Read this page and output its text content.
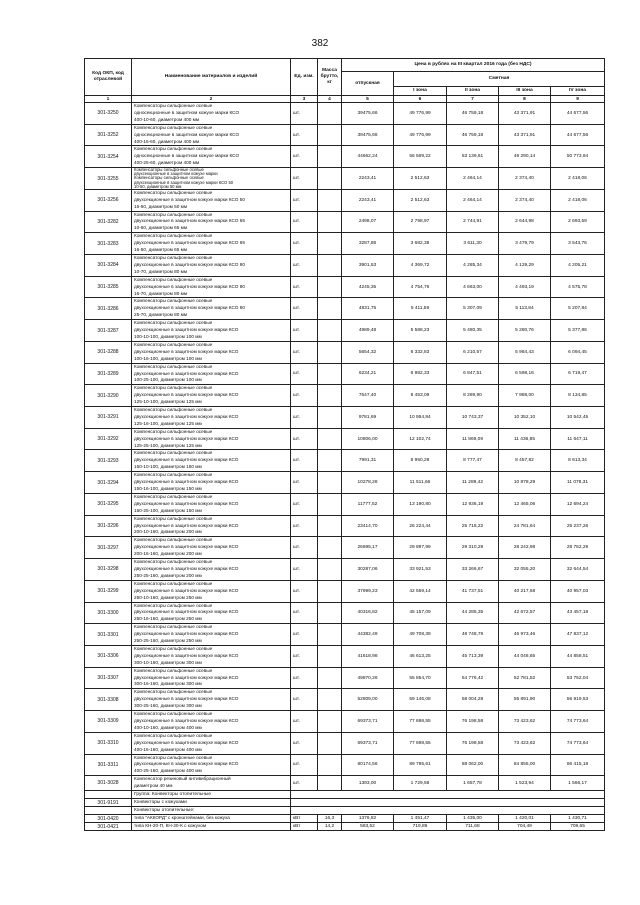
382
Код ОКП, код отраслевой	Наименование материалов и изделий	Ед. изм.	Масса брутто, кг	Цена в рублях на III квартал 2016 года (без НДС)				
				отпускная	Сметная			
					I зона	II зона	III зона	IV зона
1	2	3	4	5	6	7	8	9
301-3250	Компенсаторы сильфонные осевые
односекционные в защитном кожухе марки КСО
400-10-60, диаметром 400 мм	шт.		39475,66	49 776,99	46 759,18	43 371,91	44 677,56
301-3252	Компенсаторы сильфонные осевые
односекционные в защитном кожухе марки КСО
400-16-60, диаметром 400 мм	шт.		39475,66	49 776,99	46 759,18	43 371,91	44 677,56
301-3254	Компенсаторы сильфонные осевые
односекционные в защитном кожухе марки КСО
400-25-60, диаметром 400 мм	шт.		44662,24	56 569,22	53 139,61	49 290,14	50 773,94
301-3255	Компенсаторы сильфонные осевые
двухсекционные в защитном кожухе марки
Компенсаторы сильфонные осевые
двухсекционные в защитном кожухе марки КСО 50
10-50, диаметром 50 мм	шт.		2243,41	2 512,63	2 464,14	2 374,40	2 418,06
301-3256	Компенсаторы сильфонные осевые
двухсекционные в защитном кожухе марки КСО 50
16-50, диаметром 50 мм	шт.		2243,41	2 512,63	2 464,14	2 374,40	2 418,06
301-3282	Компенсаторы сильфонные осевые
двухсекционные в защитном кожухе марки КСО 65
10-50, диаметром 65 мм	шт.		2498,07	2 798,97	2 744,91	2 644,98	2 693,59
301-3283	Компенсаторы сильфонные осевые
двухсекционные в защитном кожухе марки КСО 65
16-50, диаметром 65 мм	шт.		3287,86	3 682,38	3 611,30	3 479,79	3 543,76
301-3284	Компенсаторы сильфонные осевые
двухсекционные в защитном кожухе марки КСО 80
10-70, диаметром 80 мм	шт.		3901,53	4 369,72	4 285,34	4 129,29	4 205,21
301-3285	Компенсаторы сильфонные осевые
двухсекционные в защитном кожухе марки КСО 80
16-70, диаметром 80 мм	шт.		4245,35	4 754,76	4 663,00	4 493,19	4 575,78
301-3286	Компенсаторы сильфонные осевые
двухсекционные в защитном кожухе марки КСО 80
25-70, диаметром 80 мм	шт.		4831,75	5 411,59	5 307,09	5 113,84	5 207,84
301-3287	Компенсаторы сильфонные осевые
двухсекционные в защитном кожухе марки КСО
100-10-100, диаметром 100 мм	шт.		4989,48	5 588,23	5 480,35	5 280,76	5 377,86
301-3288	Компенсаторы сильфонные осевые
двухсекционные в защитном кожухе марки КСО
100-16-100, диаметром 100 мм	шт.		5654,32	6 332,83	6 210,57	5 984,43	6 094,45
301-3289	Компенсаторы сильфонные осевые
двухсекционные в защитном кожухе марки КСО
100-25-100, диаметром 100 мм	шт.		6234,21	6 982,33	6 847,51	6 598,16	6 719,47
301-3290	Компенсаторы сильфонные осевые
двухсекционные в защитном кожухе марки КСО
125-10-100, диаметром 125 мм	шт.		7547,40	8 453,09	8 289,90	7 988,00	8 134,85
301-3291	Компенсаторы сильфонные осевые
двухсекционные в защитном кожухе марки КСО
125-16-100, диаметром 125 мм	шт.		9781,69	10 954,84	10 743,37	10 352,10	10 542,45
301-3292	Компенсаторы сильфонные осевые
двухсекционные в защитном кожухе марки КСО
125-25-100, диаметром 125 мм	шт.		10806,00	12 102,74	11 869,09	11 436,85	11 647,11
301-3293	Компенсаторы сильфонные осевые
двухсекционные в защитном кожухе марки КСО
150-10-100, диаметром 150 мм	шт.		7991,31	8 950,28	8 777,47	8 457,82	8 613,34
301-3294	Компенсаторы сильфонные осевые
двухсекционные в защитном кожухе марки КСО
150-16-100, диаметром 150 мм	шт.		10278,28	11 511,66	11 289,42	10 878,29	11 078,31
301-3295	Компенсаторы сильфонные осевые
двухсекционные в защитном кожухе марки КСО
150-25-100, диаметром 150 мм	шт.		11777,52	13 190,80	12 936,19	12 465,06	12 694,24
301-3296	Компенсаторы сильфонные осевые
двухсекционные в защитном кожухе марки КСО
200-10-160, диаметром 200 мм	шт.		23414,70	26 224,44	25 718,22	24 781,64	25 237,26
301-3297	Компенсаторы сильфонные осевые
двухсекционные в защитном кожухе марки КСО
200-16-160, диаметром 200 мм	шт.		26695,17	29 897,99	29 310,29	28 242,98	28 762,29
301-3298	Компенсаторы сильфонные осевые
двухсекционные в защитном кожухе марки КСО
250-25-160, диаметром 200 мм	шт.		30287,06	33 921,53	33 266,67	32 055,20	32 644,54
301-3299	Компенсаторы сильфонные осевые
двухсекционные в защитном кожухе марки КСО
250-10-160, диаметром 250 мм	шт.		37999,23	42 559,14	41 737,51	40 217,58	40 957,03
301-3300	Компенсаторы сильфонные осевые
двухсекционные в защитном кожухе марки КСО
250-16-160, диаметром 250 мм	шт.		40316,82	45 157,09	44 285,35	42 672,57	43 457,18
301-3301	Компенсаторы сильфонные осевые
двухсекционные в защитном кожухе марки КСО
250-25-160, диаметром 250 мм	шт.		44382,49	49 708,39	48 748,79	46 973,46	47 837,12
301-3306	Компенсаторы сильфонные осевые
двухсекционные в защитном кожухе марки КСО
300-10-160, диаметром 300 мм	шт.		41618,98	46 613,25	45 713,39	44 048,65	44 858,51
301-3307	Компенсаторы сильфонные осевые
двухсекционные в защитном кожухе марки КСО
300-16-160, диаметром 300 мм	шт.		49870,26	55 854,70	54 776,42	52 781,52	53 752,04
301-3308	Компенсаторы сильфонные осевые
двухсекционные в защитном кожухе марки КСО
300-25-160, диаметром 300 мм	шт.		52809,00	59 146,08	58 004,28	55 891,90	56 919,53
301-3309	Компенсаторы сильфонные осевые
двухсекционные в защитном кожухе марки КСО
400-10-160, диаметром 400 мм	шт.		69373,71	77 698,55	76 198,58	73 423,62	74 773,64
301-3310	Компенсаторы сильфонные осевые
двухсекционные в защитном кожухе марки КСО
400-16-160, диаметром 400 мм	шт.		69373,71	77 698,55	76 198,58	73 423,62	74 773,64
301-3311	Компенсаторы сильфонные осевые
двухсекционные в защитном кожухе марки КСО
400-25-160, диаметром 400 мм	шт.		80174,56	89 795,61	88 062,00	84 855,00	86 415,18
301-3028	Компенсатор резиновый антивибрационный
диаметром 40 мм	шт.		1393,00	1 729,58	1 657,78	1 523,94	1 566,17
	Группа: Конвекторы отопительные							
301-9191	Конвекторы с кожухами							
	Конвекторы отопительные:							
301-0420	типа "АККОРД" с кронштейнами, без кожуха	кВт	16,3	1376,82	1 451,47	1 435,00	1 420,01	1 430,71
301-0421	типа КН-20-П, КН-20-К с кожухом	кВт	14,2	583,52	719,89	711,68	704,49	709,65
